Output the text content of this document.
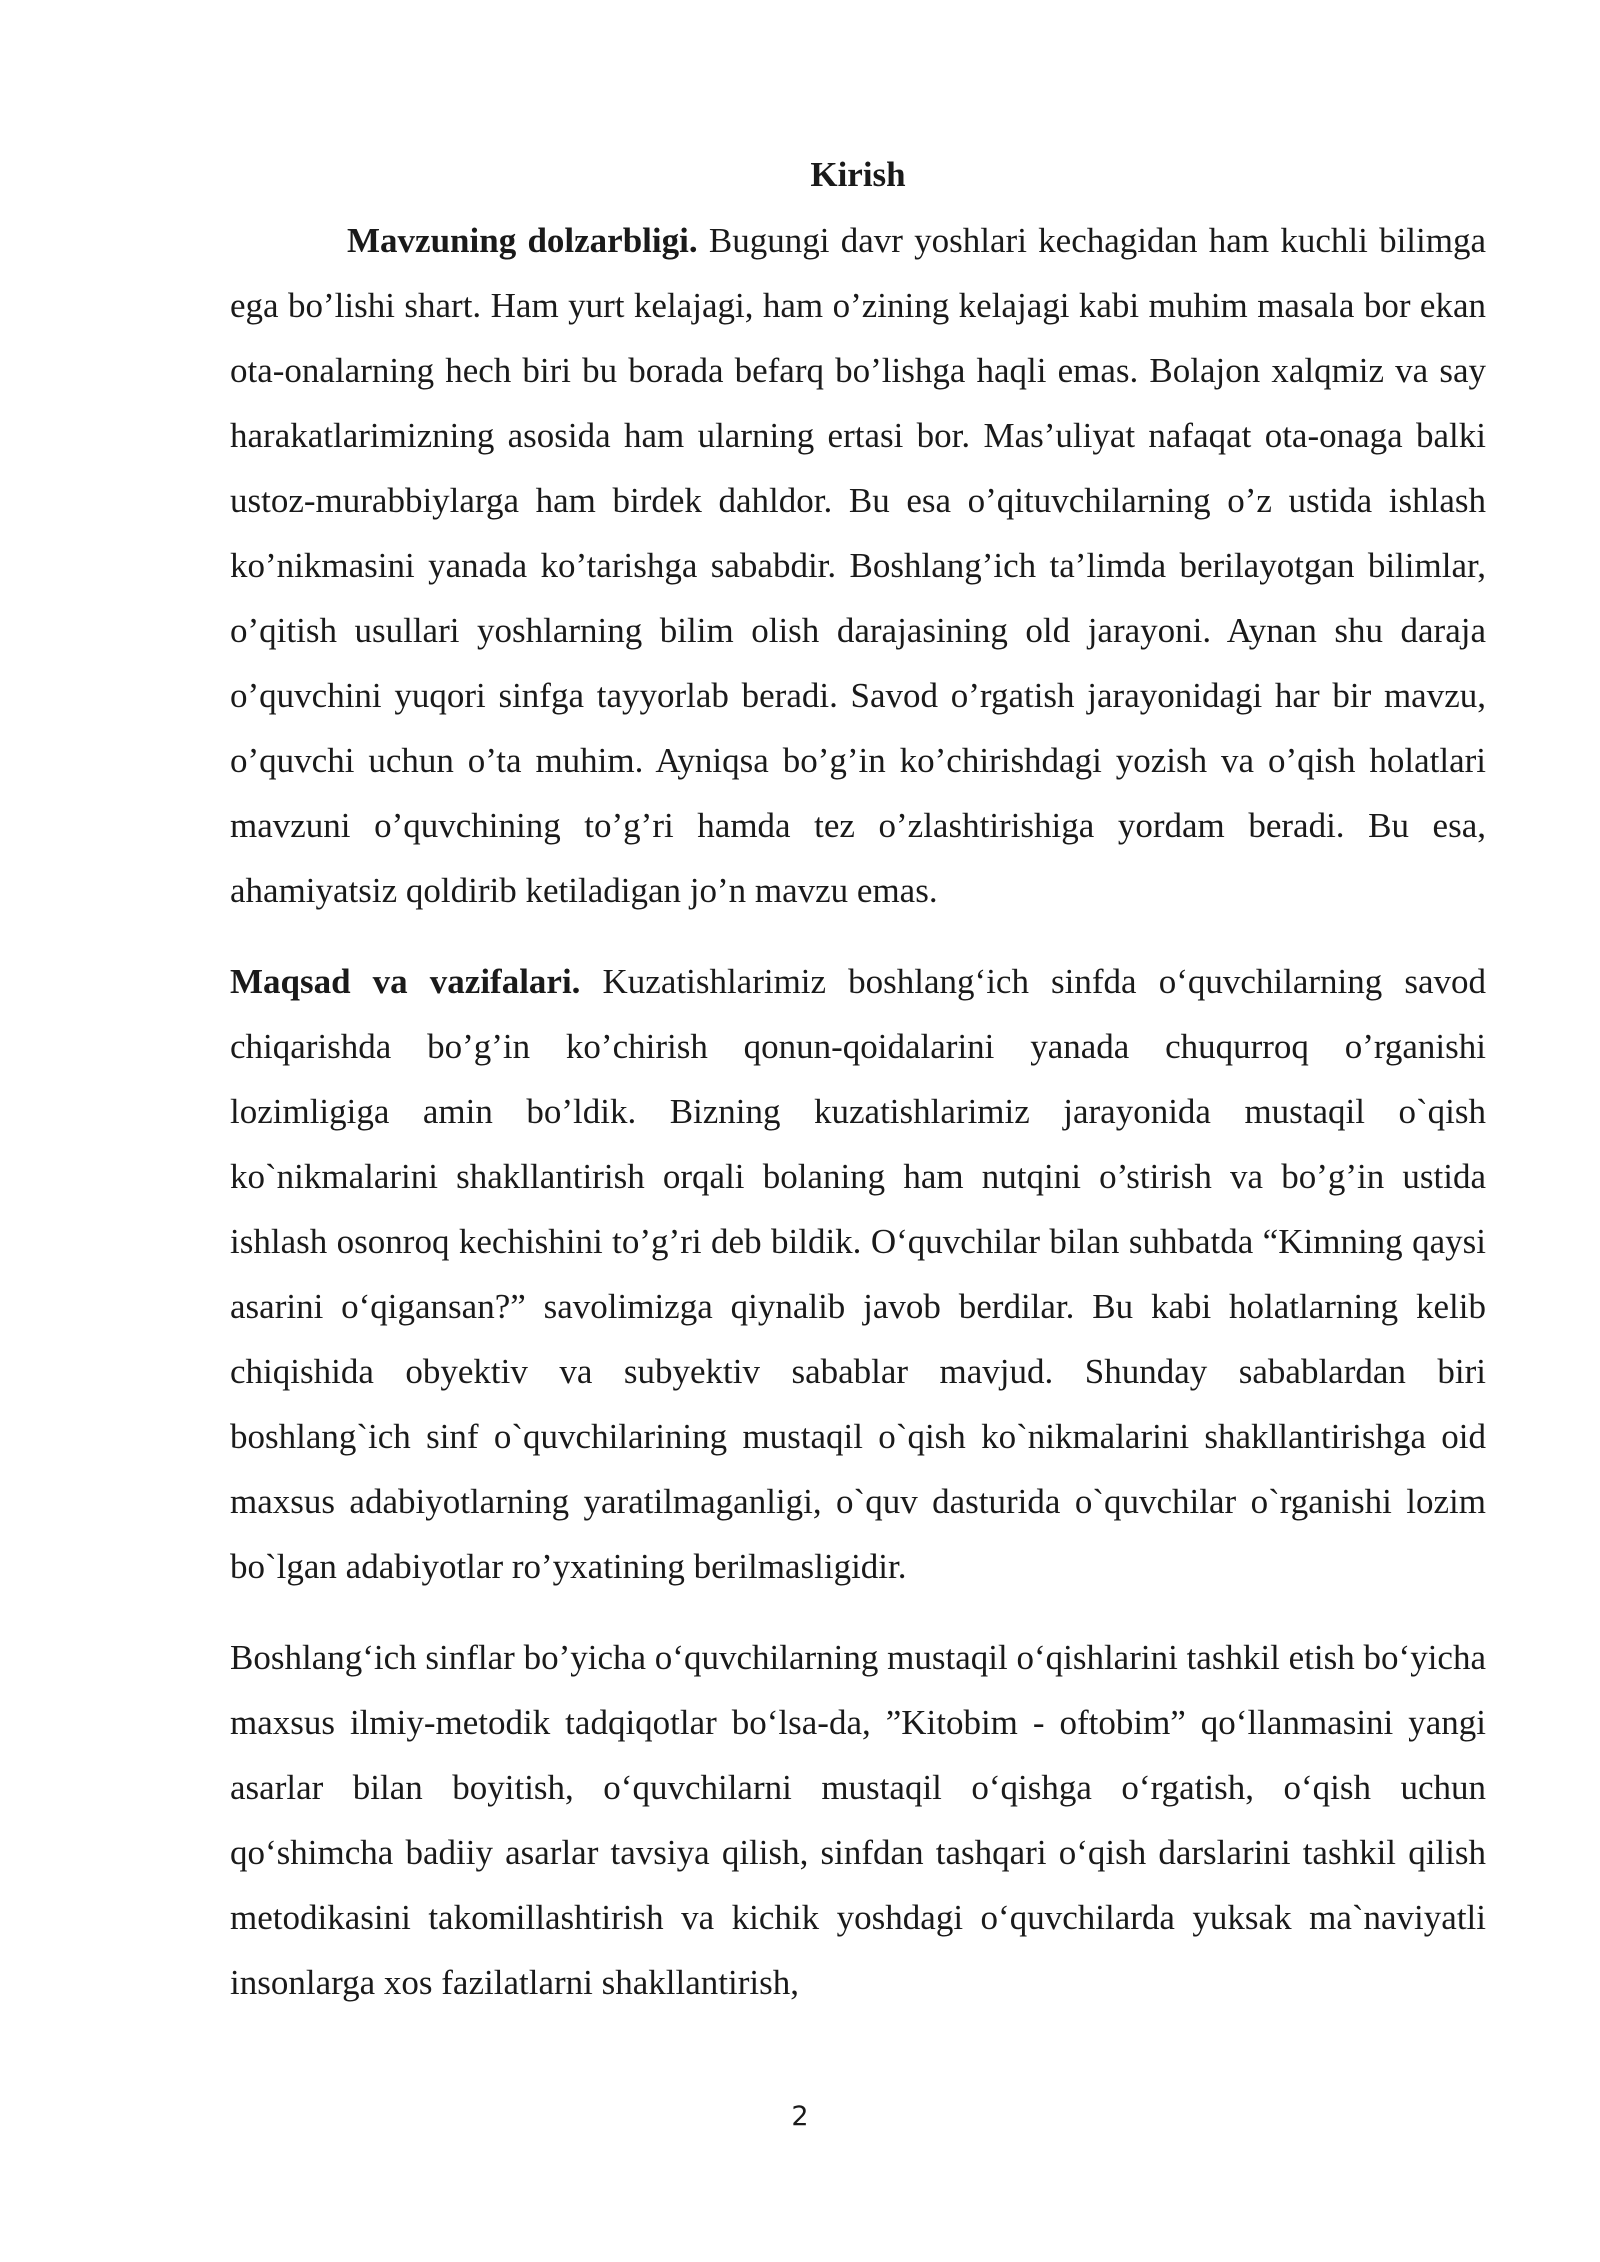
Kirish

Mavzuning dolzarbligi. Bugungi davr yoshlari kechagidan ham kuchli bilimga ega bo’lishi shart. Ham yurt kelajagi, ham o’zining kelajagi kabi muhim masala bor ekan ota-onalarning hech biri bu borada befarq bo’lishga haqli emas. Bolajon xalqmiz va say harakatlarimizning asosida ham ularning ertasi bor. Mas’uliyat nafaqat ota-onaga balki ustoz-murabbiylarga ham birdek dahldor. Bu esa o’qituvchilarning o’z ustida ishlash ko’nikmasini yanada ko’tarishga sababdir. Boshlang’ich ta’limda berilayotgan bilimlar, o’qitish usullari yoshlarning bilim olish darajasining old jarayoni. Aynan shu daraja o’quvchini yuqori sinfga tayyorlab beradi. Savod o’rgatish jarayonidagi har bir mavzu, o’quvchi uchun o’ta muhim. Ayniqsa bo’g’in ko’chirishdagi yozish va o’qish holatlari mavzuni o’quvchining to’g’ri hamda tez o’zlashtirishiga yordam beradi. Bu esa, ahamiyatsiz qoldirib ketiladigan jo’n mavzu emas.

Maqsad va vazifalari. Kuzatishlarimiz boshlang‘ich sinfda o‘quvchilarning savod chiqarishda bo’g’in ko’chirish qonun-qoidalarini yanada chuqurroq o’rganishi lozimligiga amin bo’ldik. Bizning kuzatishlarimiz jarayonida mustaqil o`qish ko`nikmalarini shakllantirish orqali bolaning ham nutqini o’stirish va bo’g’in ustida ishlash osonroq kechishini to’g’ri deb bildik. O‘quvchilar bilan suhbatda “Kimning qaysi asarini o‘qigansan?” savolimizga qiynalib javob berdilar. Bu kabi holatlarning kelib chiqishida obyektiv va subyektiv sabablar mavjud. Shunday sabablardan biri boshlang`ich sinf o`quvchilarining mustaqil o`qish ko`nikmalarini shakllantirishga oid maxsus adabiyotlarning yaratilmaganligi, o`quv dasturida o`quvchilar o`rganishi lozim bo`lgan adabiyotlar ro’yxatining berilmasligidir.

Boshlang‘ich sinflar bo’yicha o‘quvchilarning mustaqil o‘qishlarini tashkil etish bo‘yicha maxsus ilmiy-metodik tadqiqotlar bo‘lsa-da, ”Kitobim - oftobim” qo‘llanmasini yangi asarlar bilan boyitish, o‘quvchilarni mustaqil o‘qishga o‘rgatish, o‘qish uchun qo‘shimcha badiiy asarlar tavsiya qilish, sinfdan tashqari o‘qish darslarini tashkil qilish metodikasini takomillashtirish va kichik yoshdagi o‘quvchilarda yuksak ma`naviyatli insonlarga xos fazilatlarni shakllantirish,

2
